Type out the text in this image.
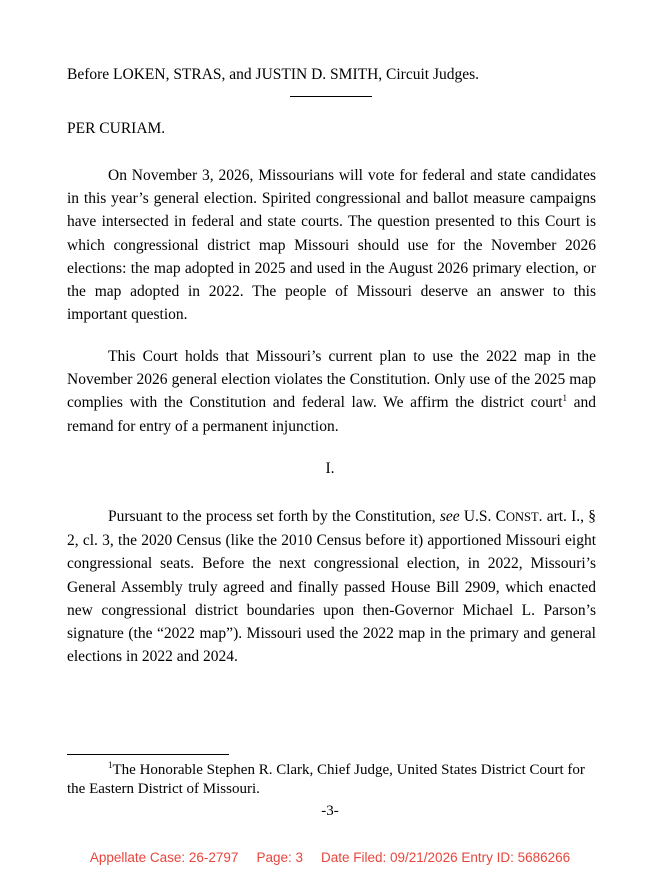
Before LOKEN, STRAS, and JUSTIN D. SMITH, Circuit Judges.
PER CURIAM.

On November 3, 2026, Missourians will vote for federal and state candidates in this year’s general election. Spirited congressional and ballot measure campaigns have intersected in federal and state courts. The question presented to this Court is which congressional district map Missouri should use for the November 2026 elections: the map adopted in 2025 and used in the August 2026 primary election, or the map adopted in 2022. The people of Missouri deserve an answer to this important question.

This Court holds that Missouri’s current plan to use the 2022 map in the November 2026 general election violates the Constitution. Only use of the 2025 map complies with the Constitution and federal law. We affirm the district court$^1$ and remand for entry of a permanent injunction.

I.

Pursuant to the process set forth by the Constitution, see U.S. CONST. art. I., § 2, cl. 3, the 2020 Census (like the 2010 Census before it) apportioned Missouri eight congressional seats. Before the next congressional election, in 2022, Missouri’s General Assembly truly agreed and finally passed House Bill 2909, which enacted new congressional district boundaries upon then-Governor Michael L. Parson’s signature (the “2022 map”). Missouri used the 2022 map in the primary and general elections in 2022 and 2024.

$^1$The Honorable Stephen R. Clark, Chief Judge, United States District Court for the Eastern District of Missouri.

-3-
Appellate Case: 26-2797 Page: 3 Date Filed: 09/21/2026 Entry ID: 5686266
